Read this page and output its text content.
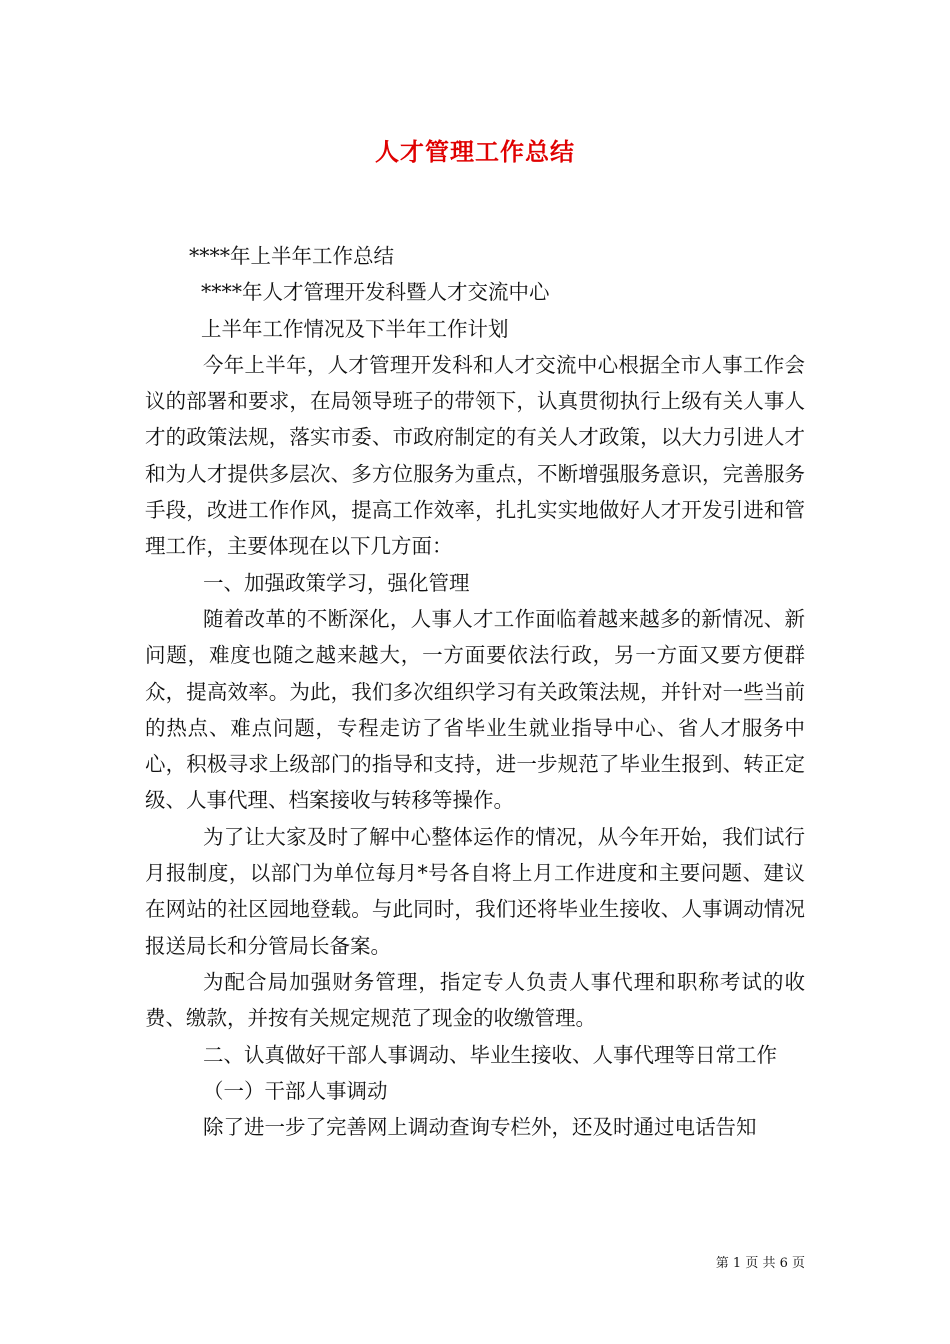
人才管理工作总结

****年上半年工作总结

****年人才管理开发科暨人才交流中心

上半年工作情况及下半年工作计划

今年上半年，人才管理开发科和人才交流中心根据全市人事工作会议的部署和要求，在局领导班子的带领下，认真贯彻执行上级有关人事人才的政策法规，落实市委、市政府制定的有关人才政策，以大力引进人才和为人才提供多层次、多方位服务为重点，不断增强服务意识，完善服务手段，改进工作作风，提高工作效率，扎扎实实地做好人才开发引进和管理工作，主要体现在以下几方面：

一、加强政策学习，强化管理

随着改革的不断深化，人事人才工作面临着越来越多的新情况、新问题，难度也随之越来越大，一方面要依法行政，另一方面又要方便群众，提高效率。为此，我们多次组织学习有关政策法规，并针对一些当前的热点、难点问题，专程走访了省毕业生就业指导中心、省人才服务中心，积极寻求上级部门的指导和支持，进一步规范了毕业生报到、转正定级、人事代理、档案接收与转移等操作。

为了让大家及时了解中心整体运作的情况，从今年开始，我们试行月报制度，以部门为单位每月*号各自将上月工作进度和主要问题、建议在网站的社区园地登载。与此同时，我们还将毕业生接收、人事调动情况报送局长和分管局长备案。

为配合局加强财务管理，指定专人负责人事代理和职称考试的收费、缴款，并按有关规定规范了现金的收缴管理。

二、认真做好干部人事调动、毕业生接收、人事代理等日常工作

（一）干部人事调动

除了进一步了完善网上调动查询专栏外，还及时通过电话告知

第 1 页 共 6 页
